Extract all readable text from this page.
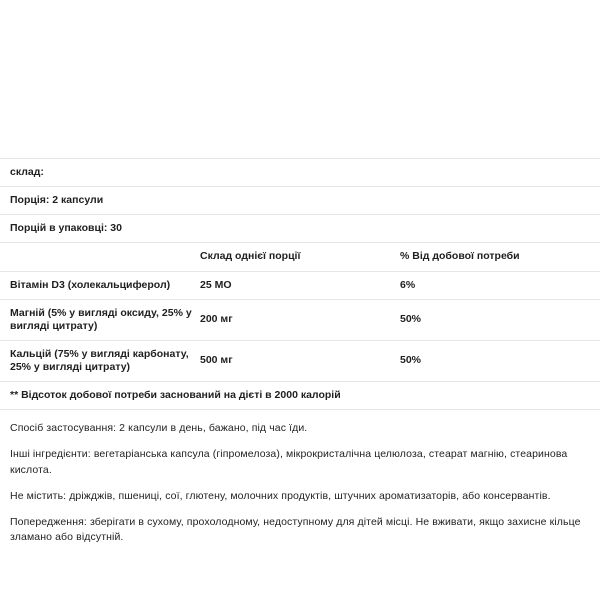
склад:		
Порція: 2 капсули		
Порцій в упаковці: 30		
	Склад однієї порції	% Від добової потреби
Вітамін D3 (холекальциферол)	25 МО	6%
Магній (5% у вигляді оксиду, 25% у вигляді цитрату)	200 мг	50%
Кальцій (75% у вигляді карбонату, 25% у вигляді цитрату)	500 мг	50%
** Відсоток добової потреби заснований на дієті в 2000 калорій		

Спосіб застосування: 2 капсули в день, бажано, під час їди.

Інші інгредієнти: вегетаріанська капсула (гіпромелоза), мікрокристалічна целюлоза, стеарат магнію, стеаринова кислота.

Не містить: дріжджів, пшениці, сої, глютену, молочних продуктів, штучних ароматизаторів, або консервантів.

Попередження: зберігати в сухому, прохолодному, недоступному для дітей місці. Не вживати, якщо захисне кільце зламано або відсутній.
